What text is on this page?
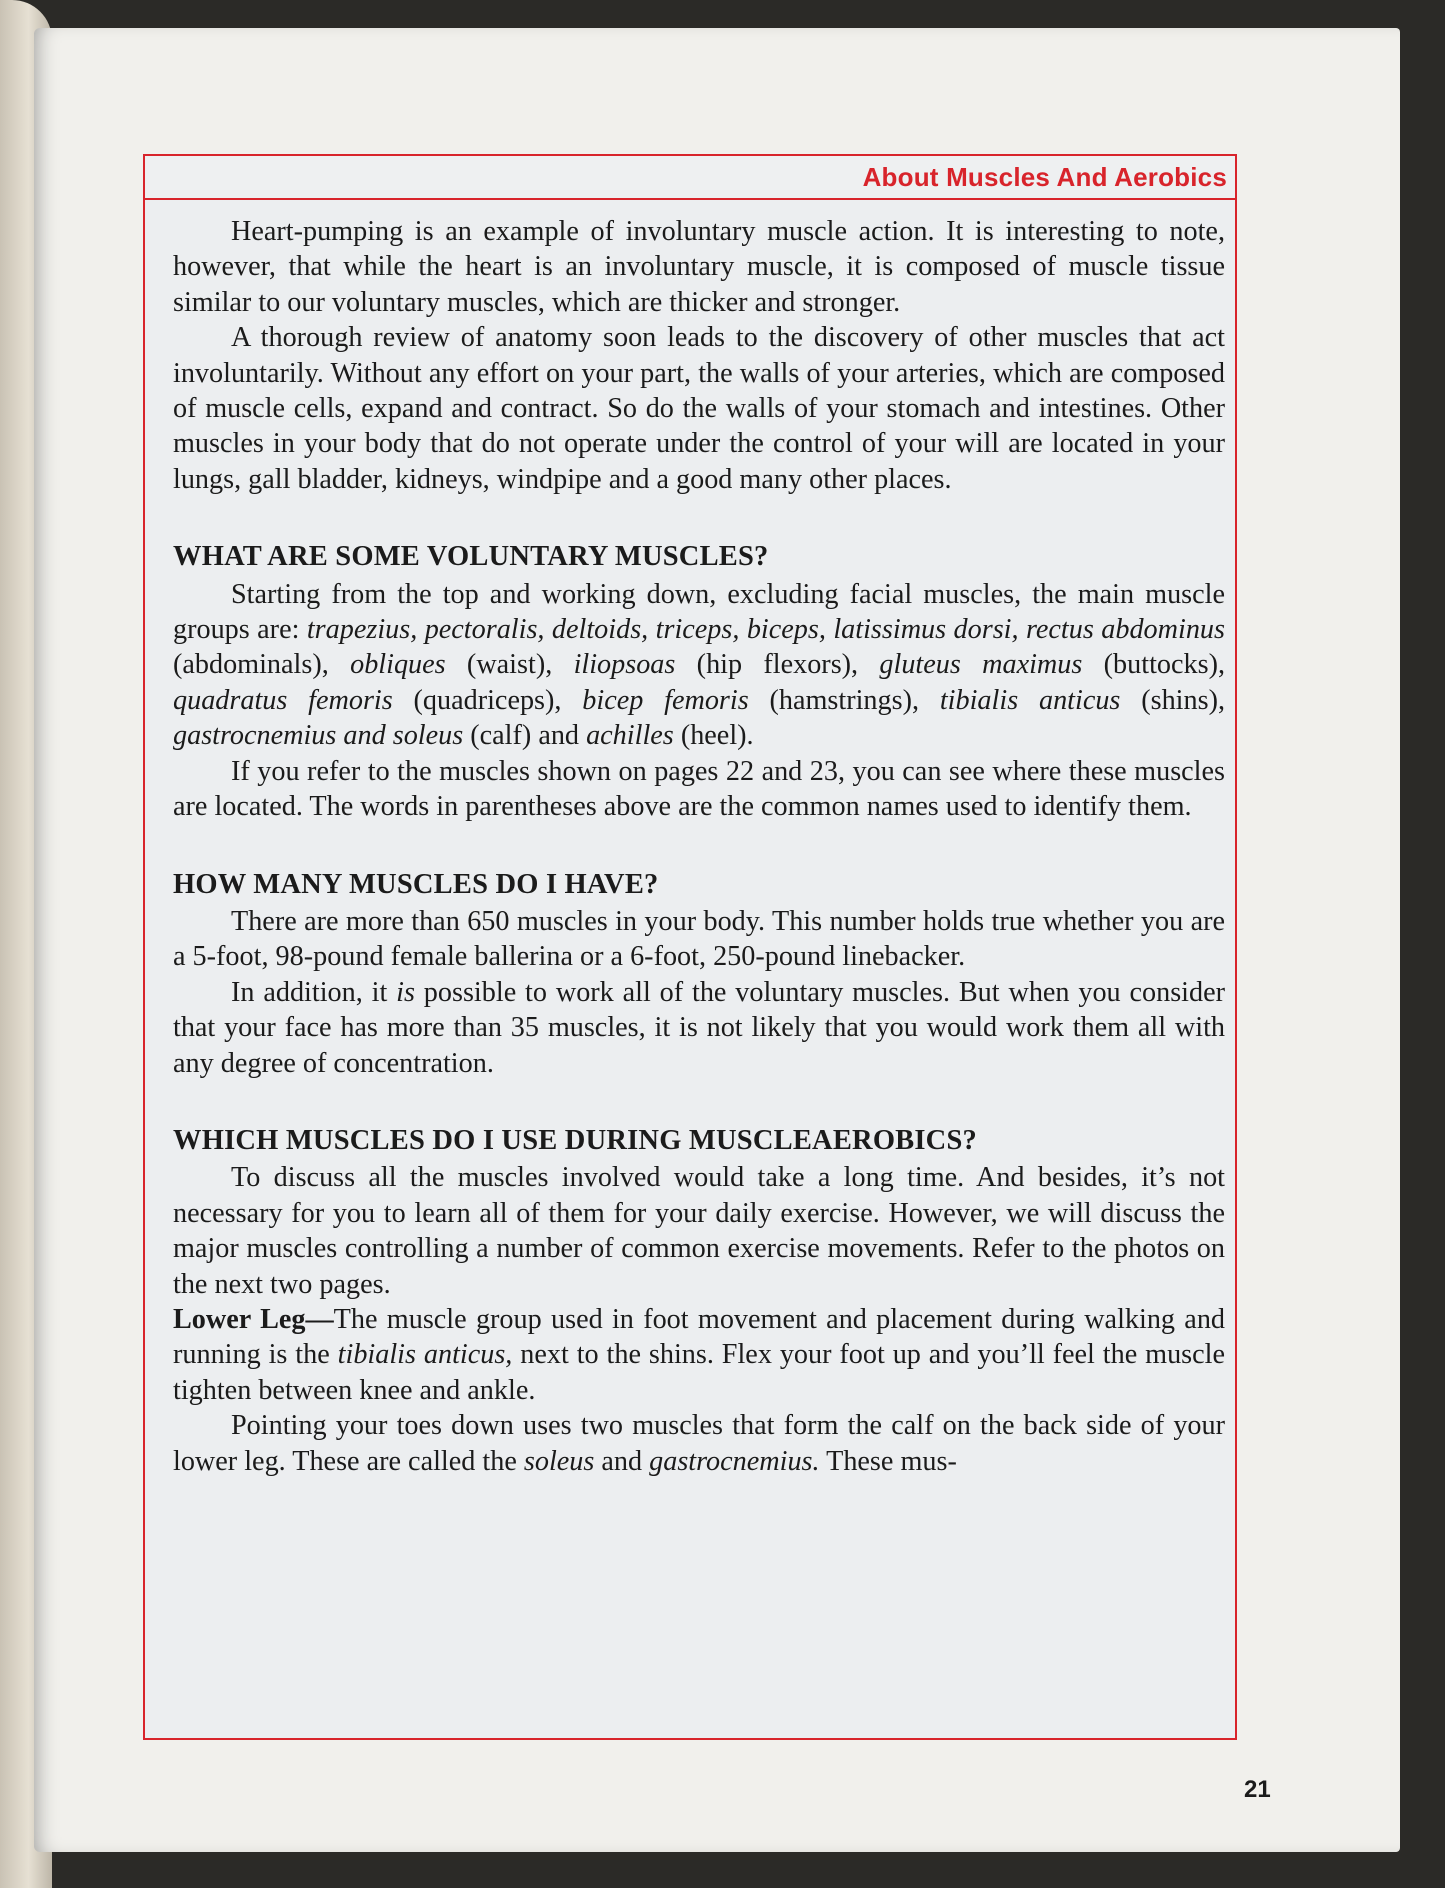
About Muscles And Aerobics

Heart-pumping is an example of involuntary muscle action. It is interesting to note, however, that while the heart is an involuntary muscle, it is composed of muscle tissue similar to our voluntary muscles, which are thicker and stronger.

A thorough review of anatomy soon leads to the discovery of other muscles that act involuntarily. Without any effort on your part, the walls of your arteries, which are composed of muscle cells, expand and contract. So do the walls of your stomach and intestines. Other muscles in your body that do not operate under the control of your will are located in your lungs, gall bladder, kidneys, windpipe and a good many other places.

WHAT ARE SOME VOLUNTARY MUSCLES?

Starting from the top and working down, excluding facial muscles, the main muscle groups are: trapezius, pectoralis, deltoids, triceps, biceps, latissimus dorsi, rectus abdominus (abdominals), obliques (waist), iliopsoas (hip flexors), gluteus maximus (buttocks), quadratus femoris (quadriceps), bicep femoris (hamstrings), tibialis anticus (shins), gastrocnemius and soleus (calf) and achilles (heel).

If you refer to the muscles shown on pages 22 and 23, you can see where these muscles are located. The words in parentheses above are the common names used to identify them.

HOW MANY MUSCLES DO I HAVE?

There are more than 650 muscles in your body. This number holds true whether you are a 5-foot, 98-pound female ballerina or a 6-foot, 250-pound linebacker.

In addition, it is possible to work all of the voluntary muscles. But when you consider that your face has more than 35 muscles, it is not likely that you would work them all with any degree of concentration.

WHICH MUSCLES DO I USE DURING MUSCLEAEROBICS?

To discuss all the muscles involved would take a long time. And besides, it’s not necessary for you to learn all of them for your daily exercise. However, we will discuss the major muscles controlling a number of common exercise movements. Refer to the photos on the next two pages.

Lower Leg—The muscle group used in foot movement and placement during walking and running is the tibialis anticus, next to the shins. Flex your foot up and you’ll feel the muscle tighten between knee and ankle.

Pointing your toes down uses two muscles that form the calf on the back side of your lower leg. These are called the soleus and gastrocnemius. These mus-

21
